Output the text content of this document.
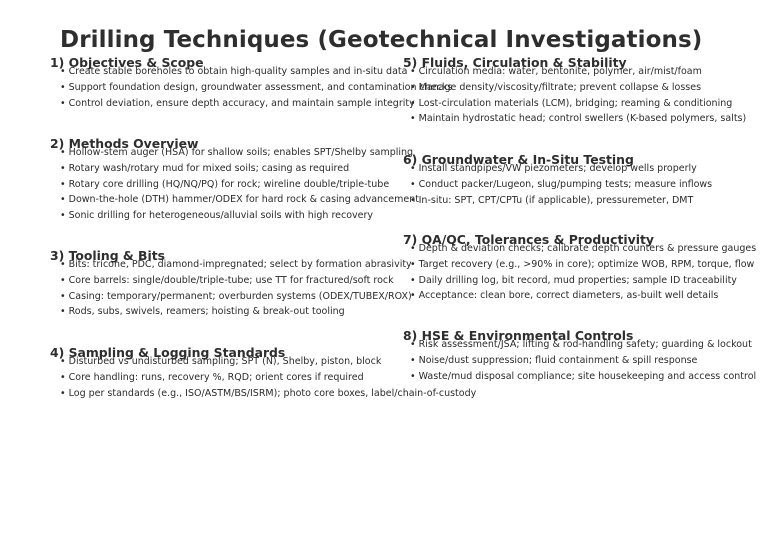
Drilling Techniques (Geotechnical Investigations)
1) Objectives & Scope
• Create stable boreholes to obtain high-quality samples and in-situ data
• Support foundation design, groundwater assessment, and contamination checks
• Control deviation, ensure depth accuracy, and maintain sample integrity
2) Methods Overview
• Hollow-stem auger (HSA) for shallow soils; enables SPT/Shelby sampling
• Rotary wash/rotary mud for mixed soils; casing as required
• Rotary core drilling (HQ/NQ/PQ) for rock; wireline double/triple-tube
• Down-the-hole (DTH) hammer/ODEX for hard rock & casing advancement
• Sonic drilling for heterogeneous/alluvial soils with high recovery
3) Tooling & Bits
• Bits: tricone, PDC, diamond-impregnated; select by formation abrasivity
• Core barrels: single/double/triple-tube; use TT for fractured/soft rock
• Casing: temporary/permanent; overburden systems (ODEX/TUBEX/ROX)
• Rods, subs, swivels, reamers; hoisting & break-out tooling
4) Sampling & Logging Standards
• Disturbed vs undisturbed sampling; SPT (N), Shelby, piston, block
• Core handling: runs, recovery %, RQD; orient cores if required
• Log per standards (e.g., ISO/ASTM/BS/ISRM); photo core boxes, label/chain-of-custody
5) Fluids, Circulation & Stability
• Circulation media: water, bentonite, polymer, air/mist/foam
• Manage density/viscosity/filtrate; prevent collapse & losses
• Lost-circulation materials (LCM), bridging; reaming & conditioning
• Maintain hydrostatic head; control swellers (K-based polymers, salts)
6) Groundwater & In-Situ Testing
• Install standpipes/VW piezometers; develop wells properly
• Conduct packer/Lugeon, slug/pumping tests; measure inflows
• In-situ: SPT, CPT/CPTu (if applicable), pressuremeter, DMT
7) QA/QC, Tolerances & Productivity
• Depth & deviation checks; calibrate depth counters & pressure gauges
• Target recovery (e.g., >90% in core); optimize WOB, RPM, torque, flow
• Daily drilling log, bit record, mud properties; sample ID traceability
• Acceptance: clean bore, correct diameters, as-built well details
8) HSE & Environmental Controls
• Risk assessment/JSA; lifting & rod-handling safety; guarding & lockout
• Noise/dust suppression; fluid containment & spill response
• Waste/mud disposal compliance; site housekeeping and access control
